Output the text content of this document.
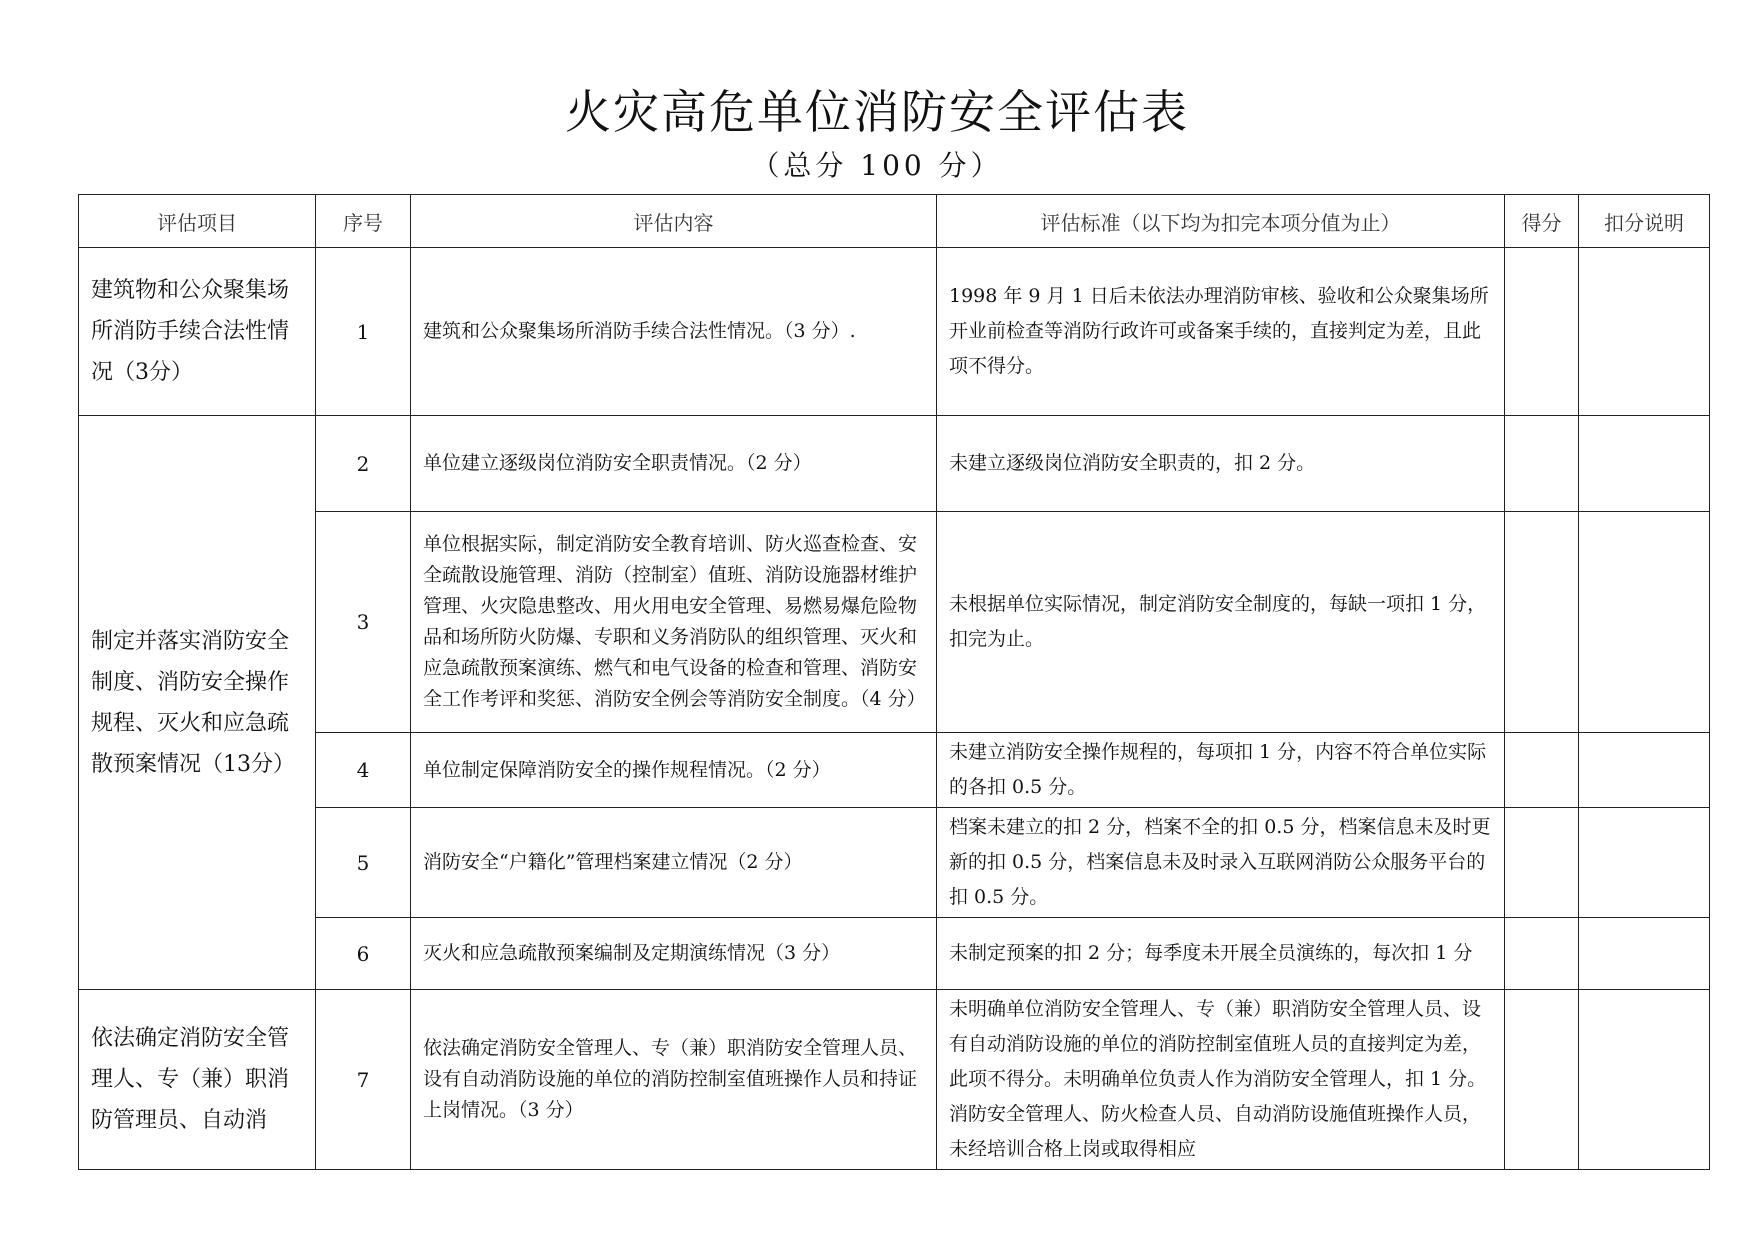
火灾高危单位消防安全评估表
（总分 100 分）
评估项目	序号	评估内容	评估标准（以下均为扣完本项分值为止）	得分	扣分说明
建筑物和公众聚集场所消防手续合法性情况（3分）	1	建筑和公众聚集场所消防手续合法性情况。（3 分）.	1998 年 9 月 1 日后未依法办理消防审核、验收和公众聚集场所开业前检查等消防行政许可或备案手续的，直接判定为差，且此项不得分。		
制定并落实消防安全制度、消防安全操作规程、灭火和应急疏散预案情况（13分）	2	单位建立逐级岗位消防安全职责情况。（2 分）	未建立逐级岗位消防安全职责的，扣 2 分。		
	3	单位根据实际，制定消防安全教育培训、防火巡查检查、安全疏散设施管理、消防（控制室）值班、消防设施器材维护管理、火灾隐患整改、用火用电安全管理、易燃易爆危险物品和场所防火防爆、专职和义务消防队的组织管理、灭火和应急疏散预案演练、燃气和电气设备的检查和管理、消防安全工作考评和奖惩、消防安全例会等消防安全制度。（4 分）	未根据单位实际情况，制定消防安全制度的，每缺一项扣 1 分，扣完为止。		
	4	单位制定保障消防安全的操作规程情况。（2 分）	未建立消防安全操作规程的，每项扣 1 分，内容不符合单位实际的各扣 0.5 分。		
	5	消防安全“户籍化”管理档案建立情况（2 分）	档案未建立的扣 2 分，档案不全的扣 0.5 分，档案信息未及时更新的扣 0.5 分，档案信息未及时录入互联网消防公众服务平台的扣 0.5 分。		
	6	灭火和应急疏散预案编制及定期演练情况（3 分）	未制定预案的扣 2 分；每季度未开展全员演练的，每次扣 1 分		
依法确定消防安全管理人、专（兼）职消防管理员、自动消	7	依法确定消防安全管理人、专（兼）职消防安全管理人员、设有自动消防设施的单位的消防控制室值班操作人员和持证上岗情况。（3 分）	未明确单位消防安全管理人、专（兼）职消防安全管理人员、设有自动消防设施的单位的消防控制室值班人员的直接判定为差，此项不得分。未明确单位负责人作为消防安全管理人，扣 1 分。消防安全管理人、防火检查人员、自动消防设施值班操作人员，未经培训合格上岗或取得相应		
